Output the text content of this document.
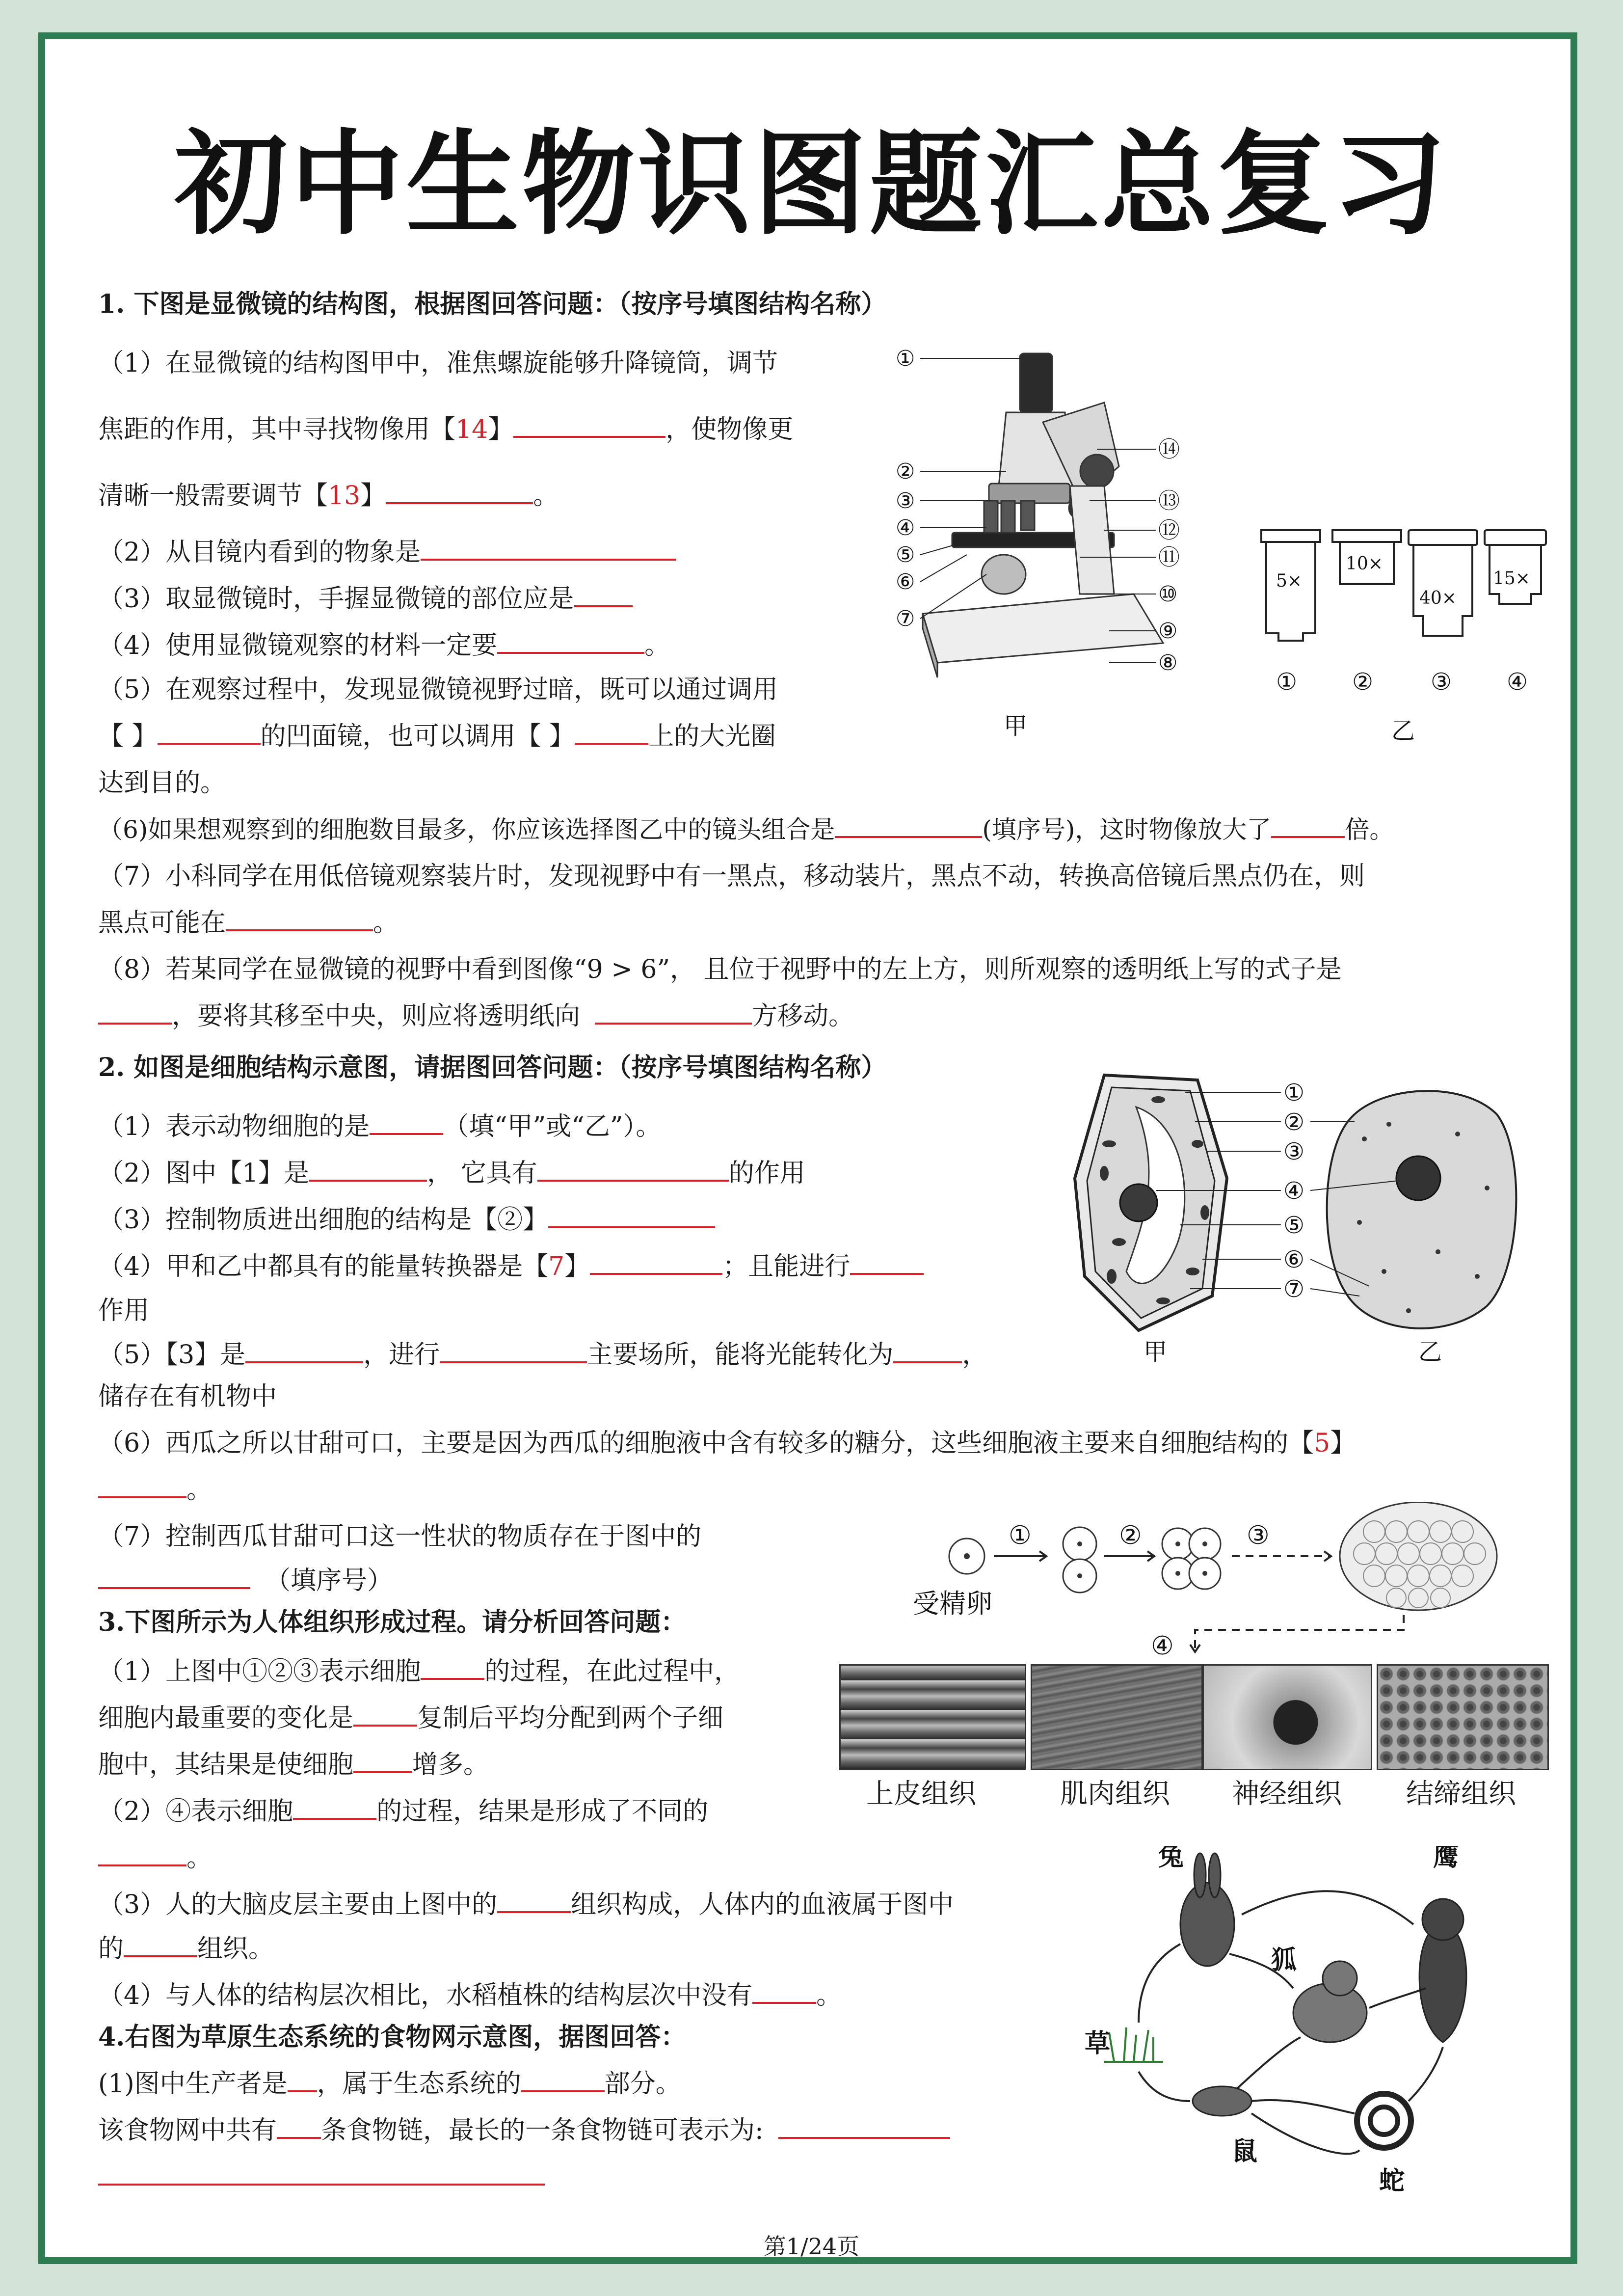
初中生物识图题汇总复习
1. 下图是显微镜的结构图，根据图回答问题：（按序号填图结构名称）
（1）在显微镜的结构图甲中，准焦螺旋能够升降镜筒，调节
焦距的作用，其中寻找物像用【14】	，使物像更
清晰一般需要调节【13】	。
（2）从目镜内看到的物象是
（3）取显微镜时，手握显微镜的部位应是
（4）使用显微镜观察的材料一定要	。
（5）在观察过程中，发现显微镜视野过暗，既可以通过调用
【 】	的凹面镜，也可以调用【 】	上的大光圈
达到目的。
（6)如果想观察到的细胞数目最多，你应该选择图乙中的镜头组合是	(填序号)，这时物像放大了	倍。
（7）小科同学在用低倍镜观察装片时，发现视野中有一黑点，移动装片，黑点不动，转换高倍镜后黑点仍在，则
黑点可能在	。
（8）若某同学在显微镜的视野中看到图像“9 > 6”， 且位于视野中的左上方，则所观察的透明纸上写的式子是
，要将其移至中央，则应将透明纸向	方移动。
①
②
③
④
⑤
⑥
⑦
⑧
⑨
⑩
⑪
⑫
⑬
⑭
甲
5×
10×
40×
15×
① ② ③ ④
乙
2. 如图是细胞结构示意图，请据图回答问题：（按序号填图结构名称）
（1）表示动物细胞的是	（填“甲”或“乙”）。
（2）图中【1】是	， 它具有	的作用
（3）控制物质进出细胞的结构是【②】
（4）甲和乙中都具有的能量转换器是【7】	；且能进行
作用
（5）【3】是	，进行	主要场所，能将光能转化为	，
储存在有机物中
（6）西瓜之所以甘甜可口，主要是因为西瓜的细胞液中含有较多的糖分，这些细胞液主要来自细胞结构的【5】
。
（7）控制西瓜甘甜可口这一性状的物质存在于图中的
（填序号）
①
②
③
④
⑤
⑥
⑦
甲	乙
3.下图所示为人体组织形成过程。请分析回答问题：
（1）上图中①②③表示细胞	的过程，在此过程中，
细胞内最重要的变化是	复制后平均分配到两个子细
胞中，其结果是使细胞 增多。
（2）④表示细胞	的过程，结果是形成了不同的
。
（3）人的大脑皮层主要由上图中的	组织构成，人体内的血液属于图中
的	组织。
（4）与人体的结构层次相比，水稻植株的结构层次中没有	。
①	②	③
④
受精卵
上皮组织	肌肉组织 神经组织 结缔组织
4.右图为草原生态系统的食物网示意图，据图回答：
(1)图中生产者是 ，属于生态系统的	部分。
该食物网中共有 条食物链，最长的一条食物链可表示为:
兔
狐
鹰
草
鼠
蛇
第1/24页
